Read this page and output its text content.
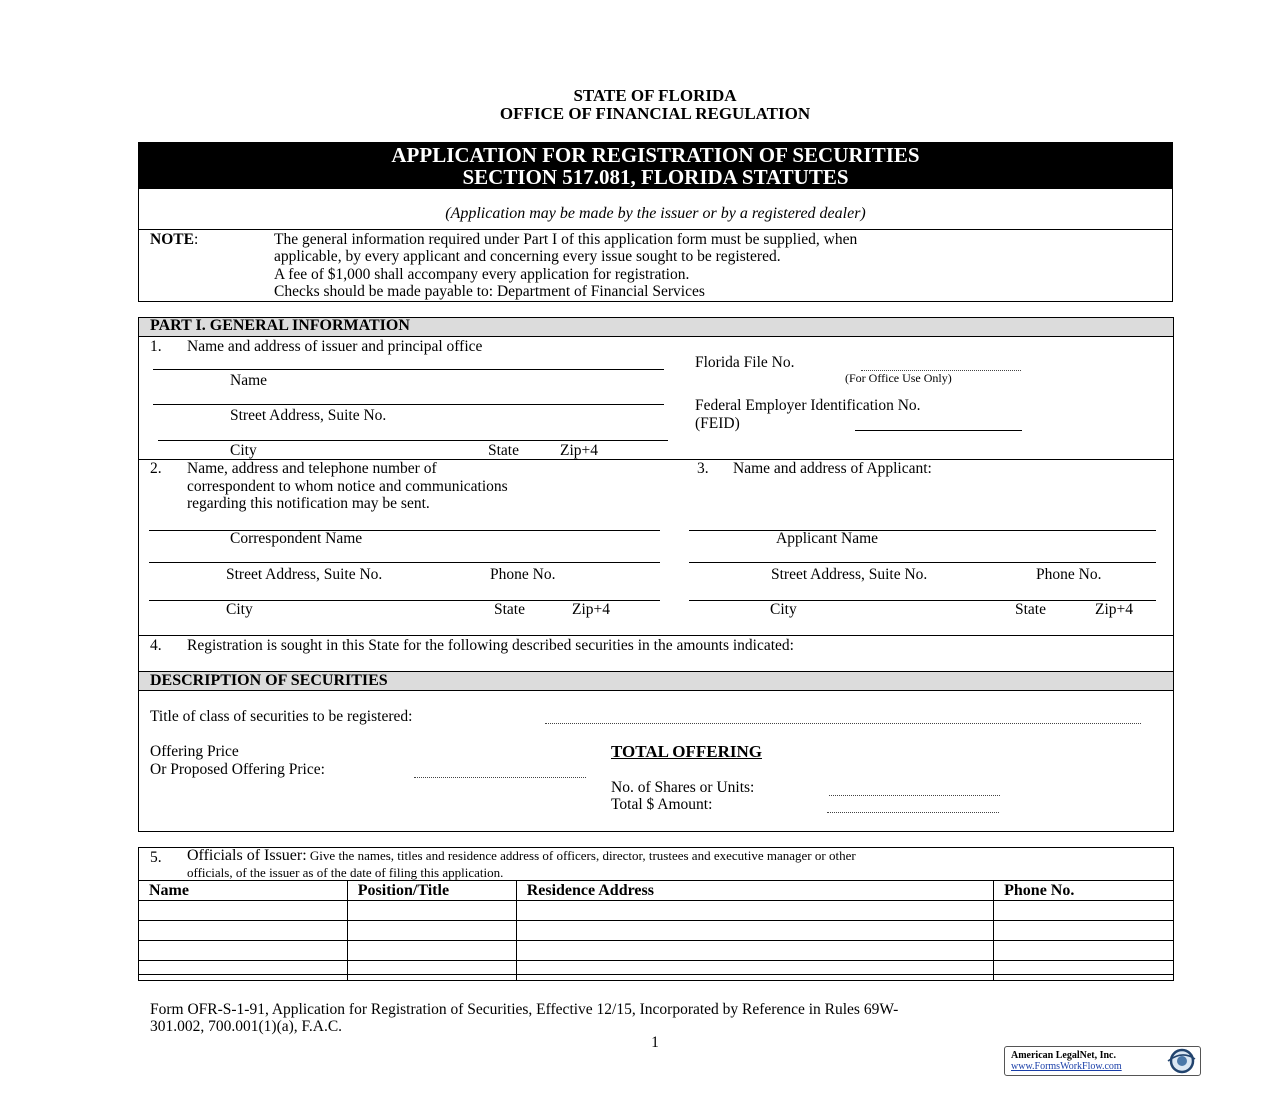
STATE OF FLORIDA
OFFICE OF FINANCIAL REGULATION
APPLICATION FOR REGISTRATION OF SECURITIES
SECTION 517.081, FLORIDA STATUTES
(Application may be made by the issuer or by a registered dealer)
NOTE:	The general information required under Part I of this application form must be supplied, when
applicable, by every applicant and concerning every issue sought to be registered.
A fee of $1,000 shall accompany every application for registration.
Checks should be made payable to: Department of Financial Services
PART I. GENERAL INFORMATION
1. Name and address of issuer and principal office
Name
Street Address, Suite No.
City	State	Zip+4
Florida File No.
(For Office Use Only)
Federal Employer Identification No.
(FEID)
2. Name, address and telephone number of
correspondent to whom notice and communications
regarding this notification may be sent.
Correspondent Name
Street Address, Suite No.	Phone No.
City	State	Zip+4
3. Name and address of Applicant:
Applicant Name
Street Address, Suite No.	Phone No.
City	State	Zip+4
4. Registration is sought in this State for the following described securities in the amounts indicated:
DESCRIPTION OF SECURITIES
Title of class of securities to be registered:
Offering Price
Or Proposed Offering Price:
TOTAL OFFERING
No. of Shares or Units:
Total $ Amount:
5. Officials of Issuer: Give the names, titles and residence address of officers, director, trustees and executive manager or other
officials, of the issuer as of the date of filing this application.
Name	Position/Title	Residence Address	Phone No.

Form OFR-S-1-91, Application for Registration of Securities, Effective 12/15, Incorporated by Reference in Rules 69W-
301.002, 700.001(1)(a), F.A.C.
1
American LegalNet, Inc.
www.FormsWorkFlow.com
